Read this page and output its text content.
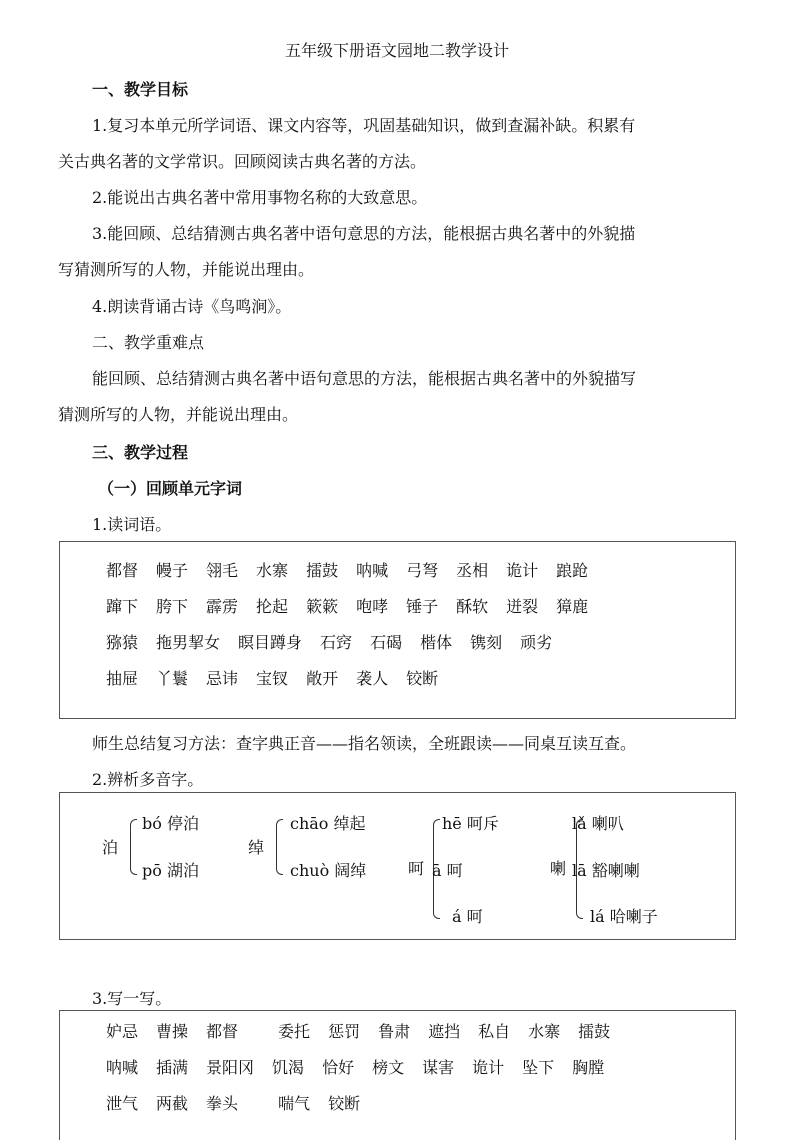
五年级下册语文园地二教学设计
一、教学目标
1.复习本单元所学词语、课文内容等，巩固基础知识，做到查漏补缺。积累有
关古典名著的文学常识。回顾阅读古典名著的方法。
2.能说出古典名著中常用事物名称的大致意思。
3.能回顾、总结猜测古典名著中语句意思的方法，能根据古典名著中的外貌描
写猜测所写的人物，并能说出理由。
4.朗读背诵古诗《鸟鸣涧》。
二、教学重难点
能回顾、总结猜测古典名著中语句意思的方法，能根据古典名著中的外貌描写
猜测所写的人物，并能说出理由。
三、教学过程
（一）回顾单元字词
1.读词语。
都督 幔子 翎毛 水寨 擂鼓 呐喊 弓弩 丞相 诡计 踉跄
蹿下 胯下 霹雳 抡起 簌簌 咆哮 锤子 酥软 迸裂 獐鹿
猕猿 拖男挈女 瞑目蹲身 石窍 石碣 楷体 镌刻 顽劣
抽屉 丫鬟 忌讳 宝钗 敞开 袭人 铰断
师生总结复习方法：查字典正音——指名领读，全班跟读——同桌互读互查。
2.辨析多音字。
泊
bó 停泊
pō 湖泊
绰
chāo 绰起
chuò 阔绰	呵
hē 呵斥
ā 呵
á 呵
喇
lǎ 喇叭
lā 豁喇喇
lá 哈喇子
3.写一写。
妒忌 曹操 都督	委托 惩罚 鲁肃 遮挡 私自 水寨 擂鼓
呐喊 插满 景阳冈 饥渴 恰好 榜文 谋害 诡计 坠下 胸膛
泄气 两截 拳头	喘气 铰断
